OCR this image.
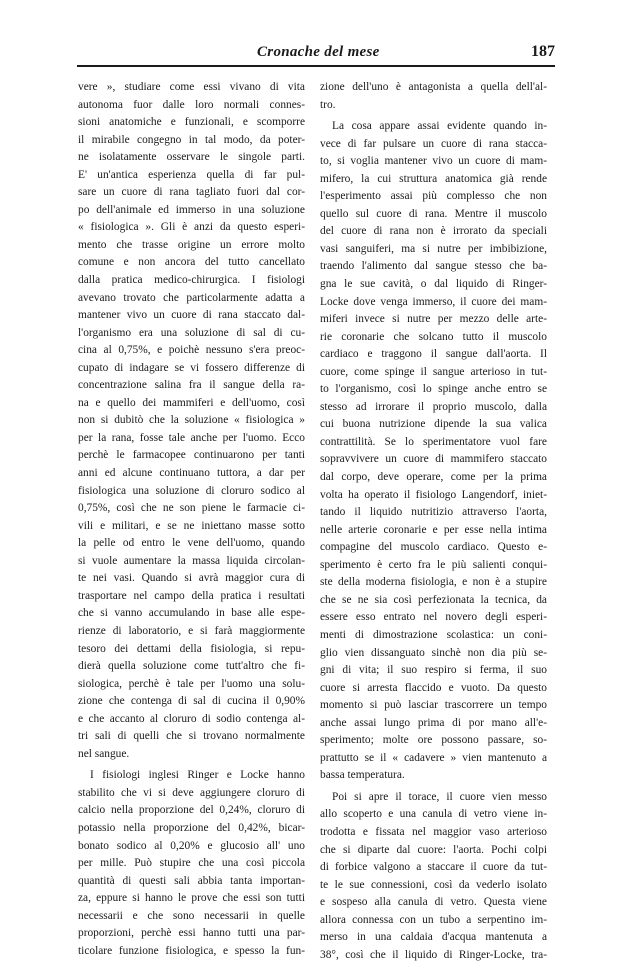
Cronache del mese	187

vere », studiare come essi vivano di vita
autonoma fuor dalle loro normali connes-
sioni anatomiche e funzionali, e scomporre
il mirabile congegno in tal modo, da poter-
ne isolatamente osservare le singole parti.
E' un'antica esperienza quella di far pul-
sare un cuore di rana tagliato fuori dal cor-
po dell'animale ed immerso in una soluzione
« fisiologica ». Gli è anzi da questo esperi-
mento che trasse origine un errore molto
comune e non ancora del tutto cancellato
dalla pratica medico-chirurgica. I fisiologi
avevano trovato che particolarmente adatta a
mantener vivo un cuore di rana staccato dal-
l'organismo era una soluzione di sal di cu-
cina al 0,75%, e poichè nessuno s'era preoc-
cupato di indagare se vi fossero differenze di
concentrazione salina fra il sangue della ra-
na e quello dei mammiferi e dell'uomo, così
non si dubitò che la soluzione « fisiologica »
per la rana, fosse tale anche per l'uomo. Ecco
perchè le farmacopee continuarono per tanti
anni ed alcune continuano tuttora, a dar per
fisiologica una soluzione di cloruro sodico al
0,75%, così che ne son piene le farmacie ci-
vili e militari, e se ne iniettano masse sotto
la pelle od entro le vene dell'uomo, quando
si vuole aumentare la massa liquida circolan-
te nei vasi. Quando si avrà maggior cura di
trasportare nel campo della pratica i resultati
che si vanno accumulando in base alle espe-
rienze di laboratorio, e si farà maggiormente
tesoro dei dettami della fisiologia, si repu-
dierà quella soluzione come tutt'altro che fi-
siologica, perchè è tale per l'uomo una solu-
zione che contenga di sal di cucina il 0,90%
e che accanto al cloruro di sodio contenga al-
tri sali di quelli che si trovano normalmente
nel sangue.

I fisiologi inglesi Ringer e Locke hanno
stabilito che vi si deve aggiungere cloruro di
calcio nella proporzione del 0,24%, cloruro di
potassio nella proporzione del 0,42%, bicar-
bonato sodico al 0,20% e glucosio all' uno
per mille. Può stupire che una così piccola
quantità di questi sali abbia tanta importan-
za, eppure si hanno le prove che essi son tutti
necessarii e che sono necessarii in quelle
proporzioni, perchè essi hanno tutti una par-
ticolare funzione fisiologica, e spesso la fun-

zione dell'uno è antagonista a quella dell'al-
tro.

La cosa appare assai evidente quando in-
vece di far pulsare un cuore di rana stacca-
to, si voglia mantener vivo un cuore di mam-
mifero, la cui struttura anatomica già rende
l'esperimento assai più complesso che non
quello sul cuore di rana. Mentre il muscolo
del cuore di rana non è irrorato da speciali
vasi sanguiferi, ma si nutre per imbibizione,
traendo l'alimento dal sangue stesso che ba-
gna le sue cavità, o dal liquido di Ringer-
Locke dove venga immerso, il cuore dei mam-
miferi invece si nutre per mezzo delle arte-
rie coronarie che solcano tutto il muscolo
cardiaco e traggono il sangue dall'aorta. Il
cuore, come spinge il sangue arterioso in tut-
to l'organismo, così lo spinge anche entro se
stesso ad irrorare il proprio muscolo, dalla
cui buona nutrizione dipende la sua valica
contrattilità. Se lo sperimentatore vuol fare
sopravvivere un cuore di mammifero staccato
dal corpo, deve operare, come per la prima
volta ha operato il fisiologo Langendorf, iniet-
tando il liquido nutritizio attraverso l'aorta,
nelle arterie coronarie e per esse nella intima
compagine del muscolo cardiaco. Questo e-
sperimento è certo fra le più salienti conqui-
ste della moderna fisiologia, e non è a stupire
che se ne sia così perfezionata la tecnica, da
essere esso entrato nel novero degli esperi-
menti di dimostrazione scolastica: un coni-
glio vien dissanguato sinchè non dia più se-
gni di vita; il suo respiro si ferma, il suo
cuore si arresta flaccido e vuoto. Da questo
momento si può lasciar trascorrere un tempo
anche assai lungo prima di por mano all'e-
sperimento; molte ore possono passare, so-
prattutto se il « cadavere » vien mantenuto a
bassa temperatura.

Poi si apre il torace, il cuore vien messo
allo scoperto e una canula di vetro viene in-
trodotta e fissata nel maggior vaso arterioso
che si diparte dal cuore: l'aorta. Pochi colpi
di forbice valgono a staccare il cuore da tut-
te le sue connessioni, così da vederlo isolato
e sospeso alla canula di vetro. Questa viene
allora connessa con un tubo a serpentino im-
merso in una caldaia d'acqua mantenuta a
38°, così che il liquido di Ringer-Locke, tra-
